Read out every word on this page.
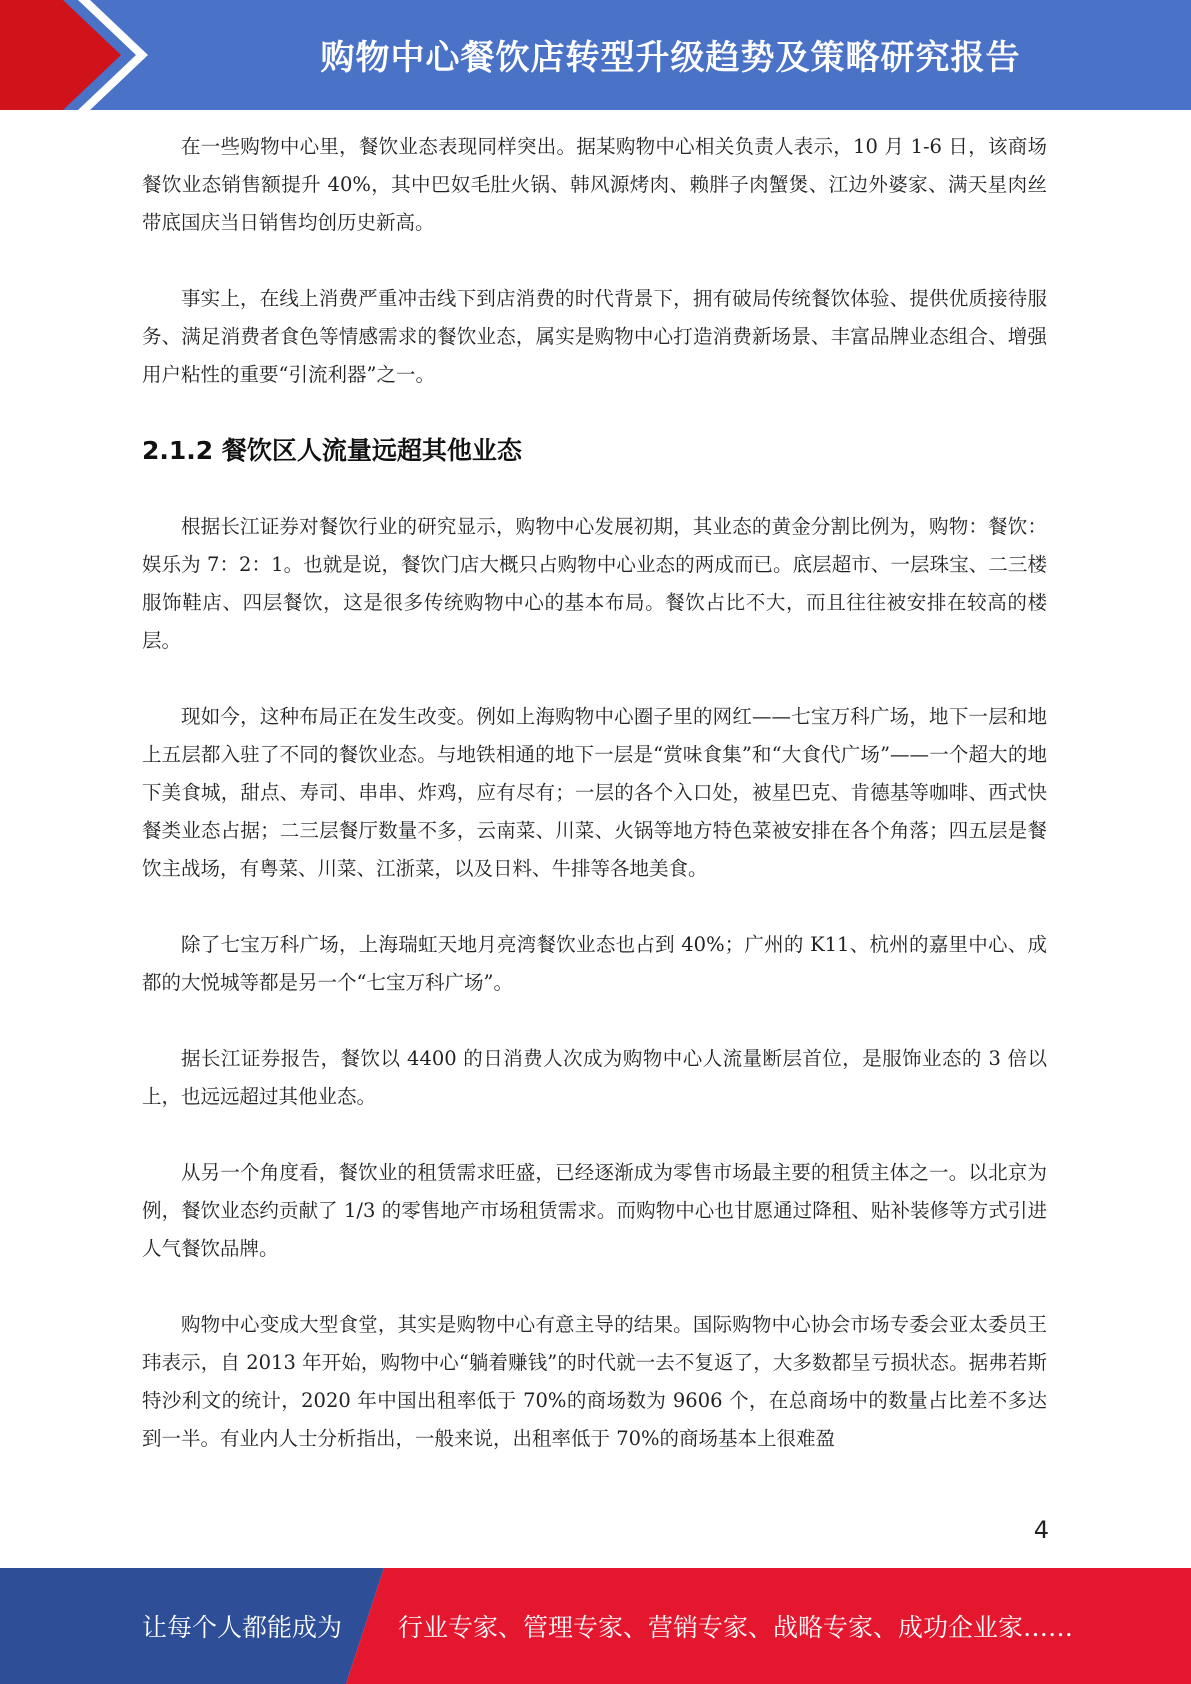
购物中心餐饮店转型升级趋势及策略研究报告

在一些购物中心里，餐饮业态表现同样突出。据某购物中心相关负责人表示，10 月 1-6 日，该商场餐饮业态销售额提升 40%，其中巴奴毛肚火锅、韩风源烤肉、赖胖子肉蟹煲、江边外婆家、满天星肉丝带底国庆当日销售均创历史新高。

事实上，在线上消费严重冲击线下到店消费的时代背景下，拥有破局传统餐饮体验、提供优质接待服务、满足消费者食色等情感需求的餐饮业态，属实是购物中心打造消费新场景、丰富品牌业态组合、增强用户粘性的重要“引流利器”之一。

2.1.2 餐饮区人流量远超其他业态

根据长江证券对餐饮行业的研究显示，购物中心发展初期，其业态的黄金分割比例为，购物：餐饮：娱乐为 7：2：1。也就是说，餐饮门店大概只占购物中心业态的两成而已。底层超市、一层珠宝、二三楼服饰鞋店、四层餐饮，这是很多传统购物中心的基本布局。餐饮占比不大，而且往往被安排在较高的楼层。

现如今，这种布局正在发生改变。例如上海购物中心圈子里的网红——七宝万科广场，地下一层和地上五层都入驻了不同的餐饮业态。与地铁相通的地下一层是“赏味食集”和“大食代广场”——一个超大的地下美食城，甜点、寿司、串串、炸鸡，应有尽有；一层的各个入口处，被星巴克、肯德基等咖啡、西式快餐类业态占据；二三层餐厅数量不多，云南菜、川菜、火锅等地方特色菜被安排在各个角落；四五层是餐饮主战场，有粤菜、川菜、江浙菜，以及日料、牛排等各地美食。

除了七宝万科广场，上海瑞虹天地月亮湾餐饮业态也占到 40%；广州的 K11、杭州的嘉里中心、成都的大悦城等都是另一个“七宝万科广场”。

据长江证券报告，餐饮以 4400 的日消费人次成为购物中心人流量断层首位，是服饰业态的 3 倍以上，也远远超过其他业态。

从另一个角度看，餐饮业的租赁需求旺盛，已经逐渐成为零售市场最主要的租赁主体之一。以北京为例，餐饮业态约贡献了 1/3 的零售地产市场租赁需求。而购物中心也甘愿通过降租、贴补装修等方式引进人气餐饮品牌。

购物中心变成大型食堂，其实是购物中心有意主导的结果。国际购物中心协会市场专委会亚太委员王玮表示，自 2013 年开始，购物中心“躺着赚钱”的时代就一去不复返了，大多数都呈亏损状态。据弗若斯特沙利文的统计，2020 年中国出租率低于 70%的商场数为 9606 个，在总商场中的数量占比差不多达到一半。有业内人士分析指出，一般来说，出租率低于 70%的商场基本上很难盈

4
让每个人都能成为 行业专家、管理专家、营销专家、战略专家、成功企业家……
